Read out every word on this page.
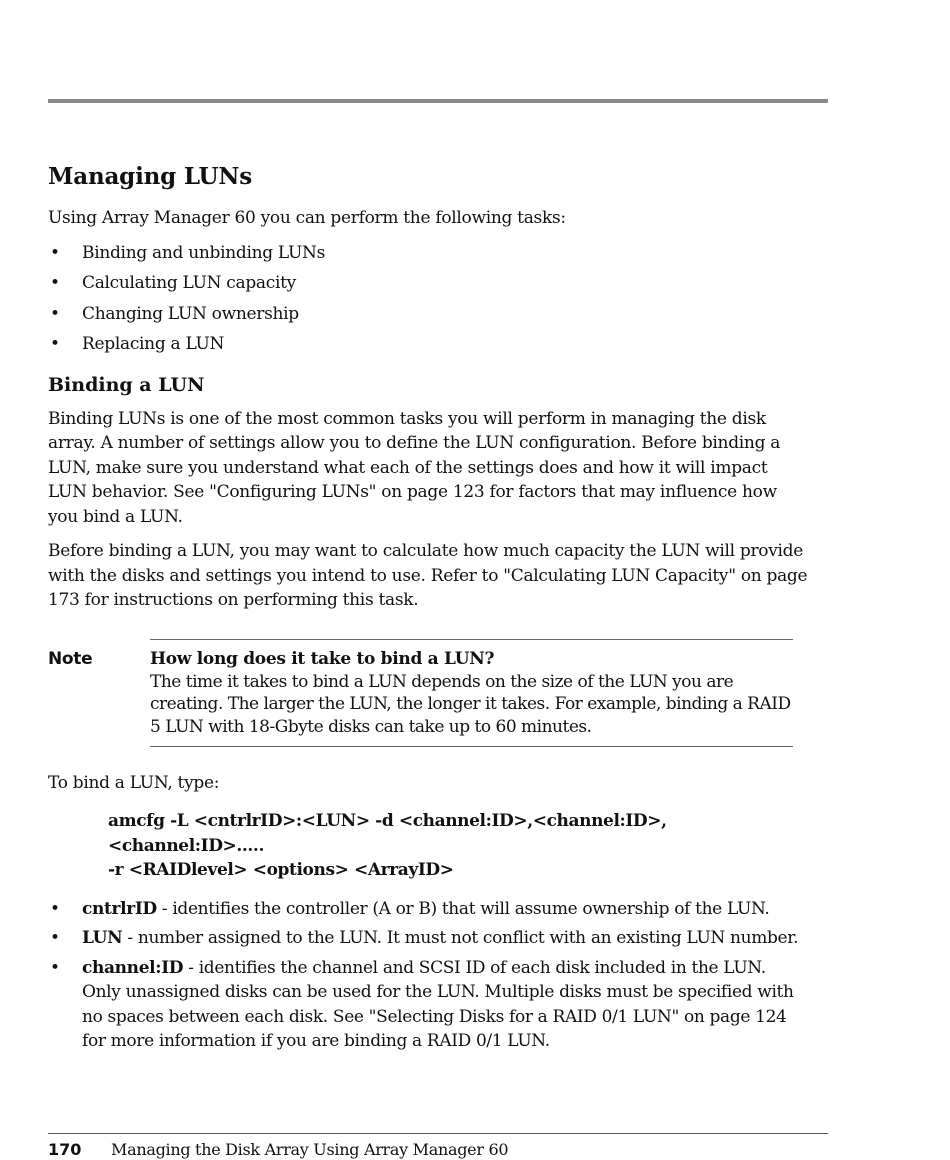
Managing LUNs

Using Array Manager 60 you can perform the following tasks:

• Binding and unbinding LUNs
• Calculating LUN capacity
• Changing LUN ownership
• Replacing a LUN
Binding a LUN

Binding LUNs is one of the most common tasks you will perform in managing the disk array. A number of settings allow you to define the LUN configuration. Before binding a LUN, make sure you understand what each of the settings does and how it will impact LUN behavior. See "Configuring LUNs" on page 123 for factors that may influence how you bind a LUN.

Before binding a LUN, you may want to calculate how much capacity the LUN will provide with the disks and settings you intend to use. Refer to "Calculating LUN Capacity" on page 173 for instructions on performing this task.

Note	How long does it take to bind a LUN?
The time it takes to bind a LUN depends on the size of the LUN you are creating. The larger the LUN, the longer it takes. For example, binding a RAID 5 LUN with 18-Gbyte disks can take up to 60 minutes.

To bind a LUN, type:

amcfg -L <cntrlrID>:<LUN> -d <channel:ID>,<channel:ID>,<channel:ID>.....
-r <RAIDlevel> <options> <ArrayID>
• cntrlrID - identifies the controller (A or B) that will assume ownership of the LUN.
• LUN - number assigned to the LUN. It must not conflict with an existing LUN number.
• channel:ID - identifies the channel and SCSI ID of each disk included in the LUN. Only unassigned disks can be used for the LUN. Multiple disks must be specified with no spaces between each disk. See "Selecting Disks for a RAID 0/1 LUN" on page 124 for more information if you are binding a RAID 0/1 LUN.
170 Managing the Disk Array Using Array Manager 60
